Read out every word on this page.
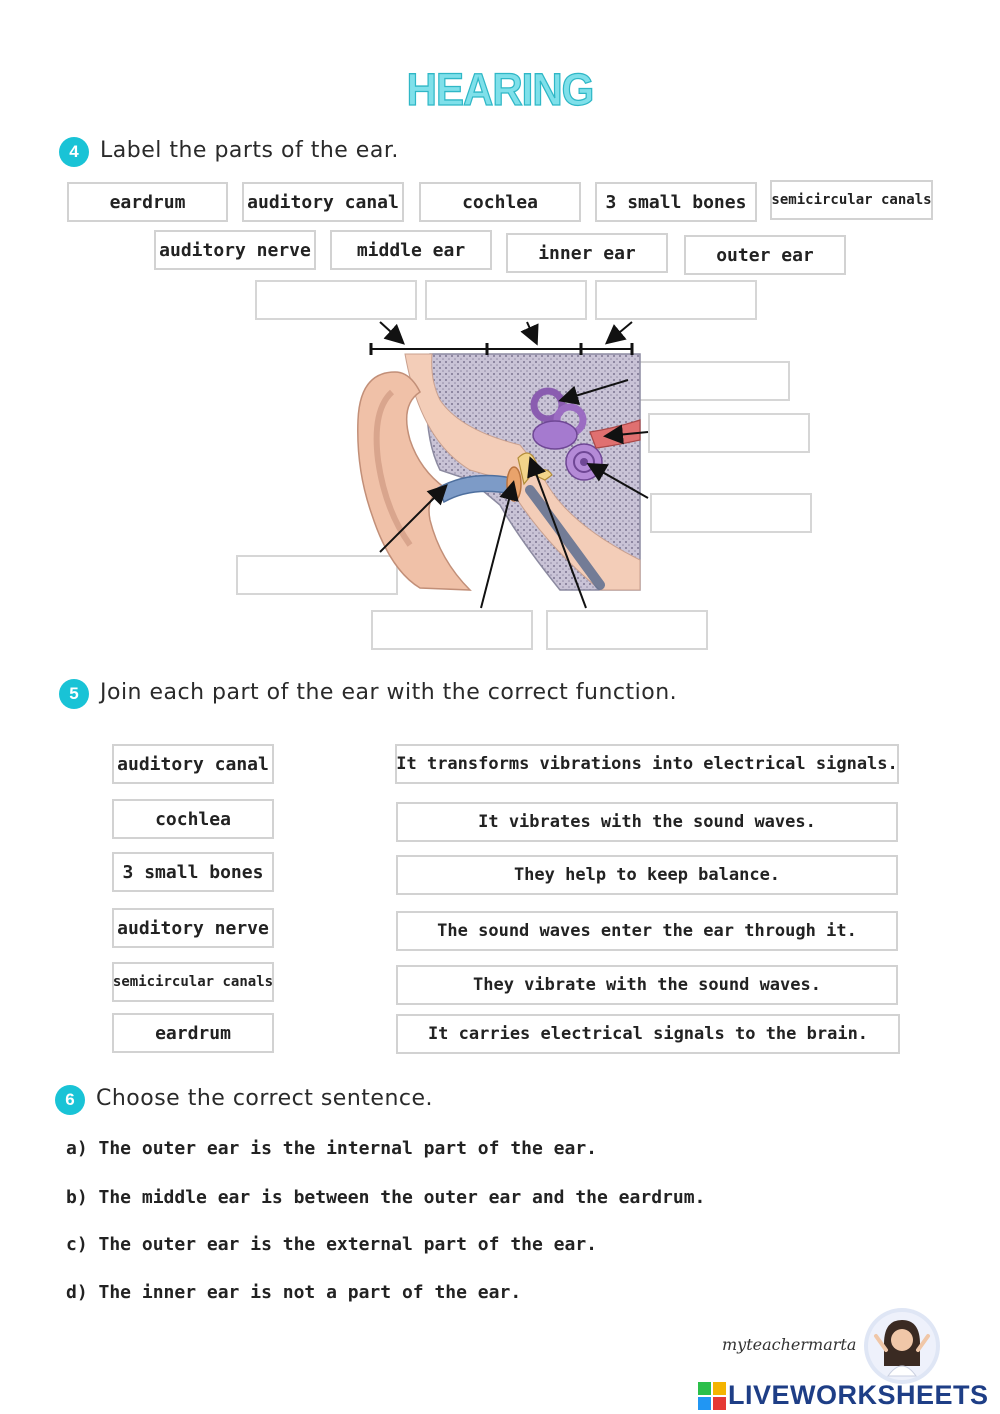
HEARING
4 Label the parts of the ear.
eardrum	auditory canal	cochlea	3 small bones	semicircular canals
auditory nerve	middle ear	inner ear	outer ear
5 Join each part of the ear with the correct function.
auditory canal
cochlea
3 small bones
auditory nerve
semicircular canals
eardrum
It transforms vibrations into electrical signals.
It vibrates with the sound waves.
They help to keep balance.
The sound waves enter the ear through it.
They vibrate with the sound waves.
It carries electrical signals to the brain.
6 Choose the correct sentence.
a) The outer ear is the internal part of the ear.
b) The middle ear is between the outer ear and the eardrum.
c) The outer ear is the external part of the ear.
d) The inner ear is not a part of the ear.
myteachermarta
LIVEWORKSHEETS
